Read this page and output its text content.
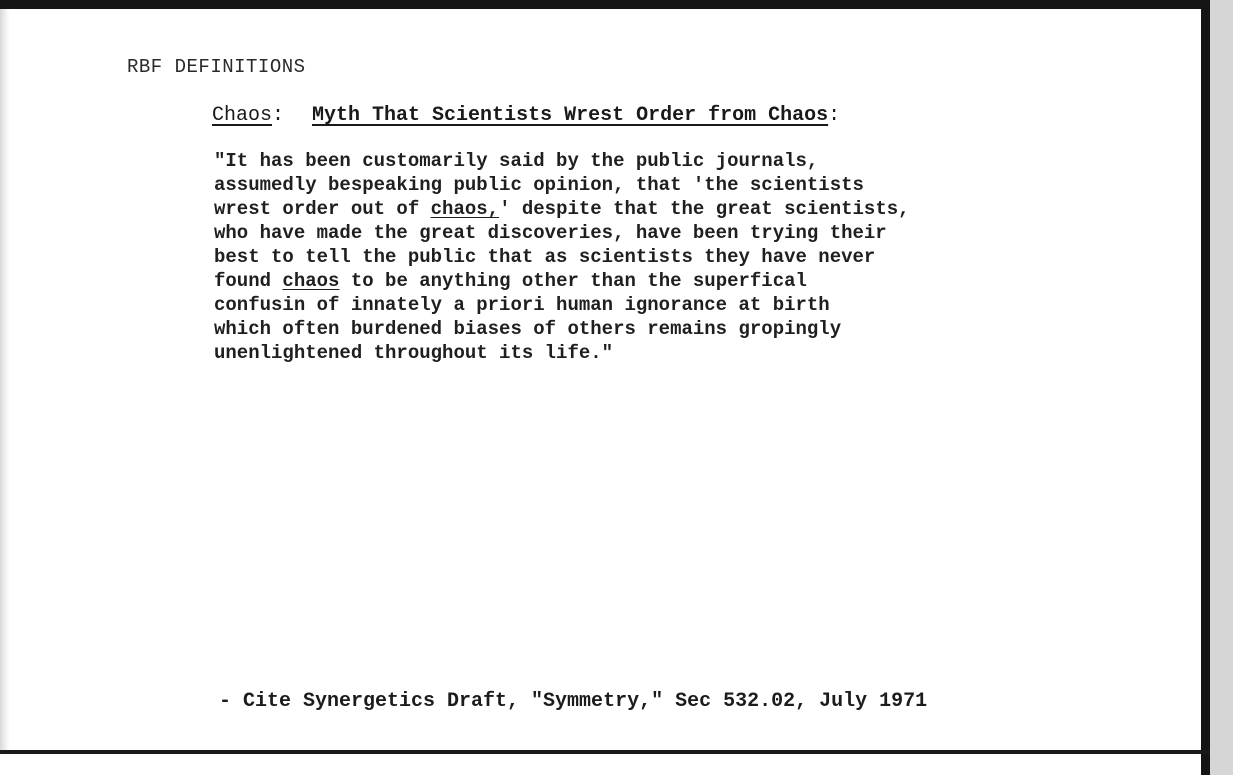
RBF DEFINITIONS
Chaos: Myth That Scientists Wrest Order from Chaos:
"It has been customarily said by the public journals,
assumedly bespeaking public opinion, that 'the scientists
wrest order out of chaos,' despite that the great scientists,
who have made the great discoveries, have been trying their
best to tell the public that as scientists they have never
found chaos to be anything other than the superfical
confusin of innately a priori human ignorance at birth
which often burdened biases of others remains gropingly
unenlightened throughout its life."
- Cite Synergetics Draft, "Symmetry," Sec 532.02, July 1971
